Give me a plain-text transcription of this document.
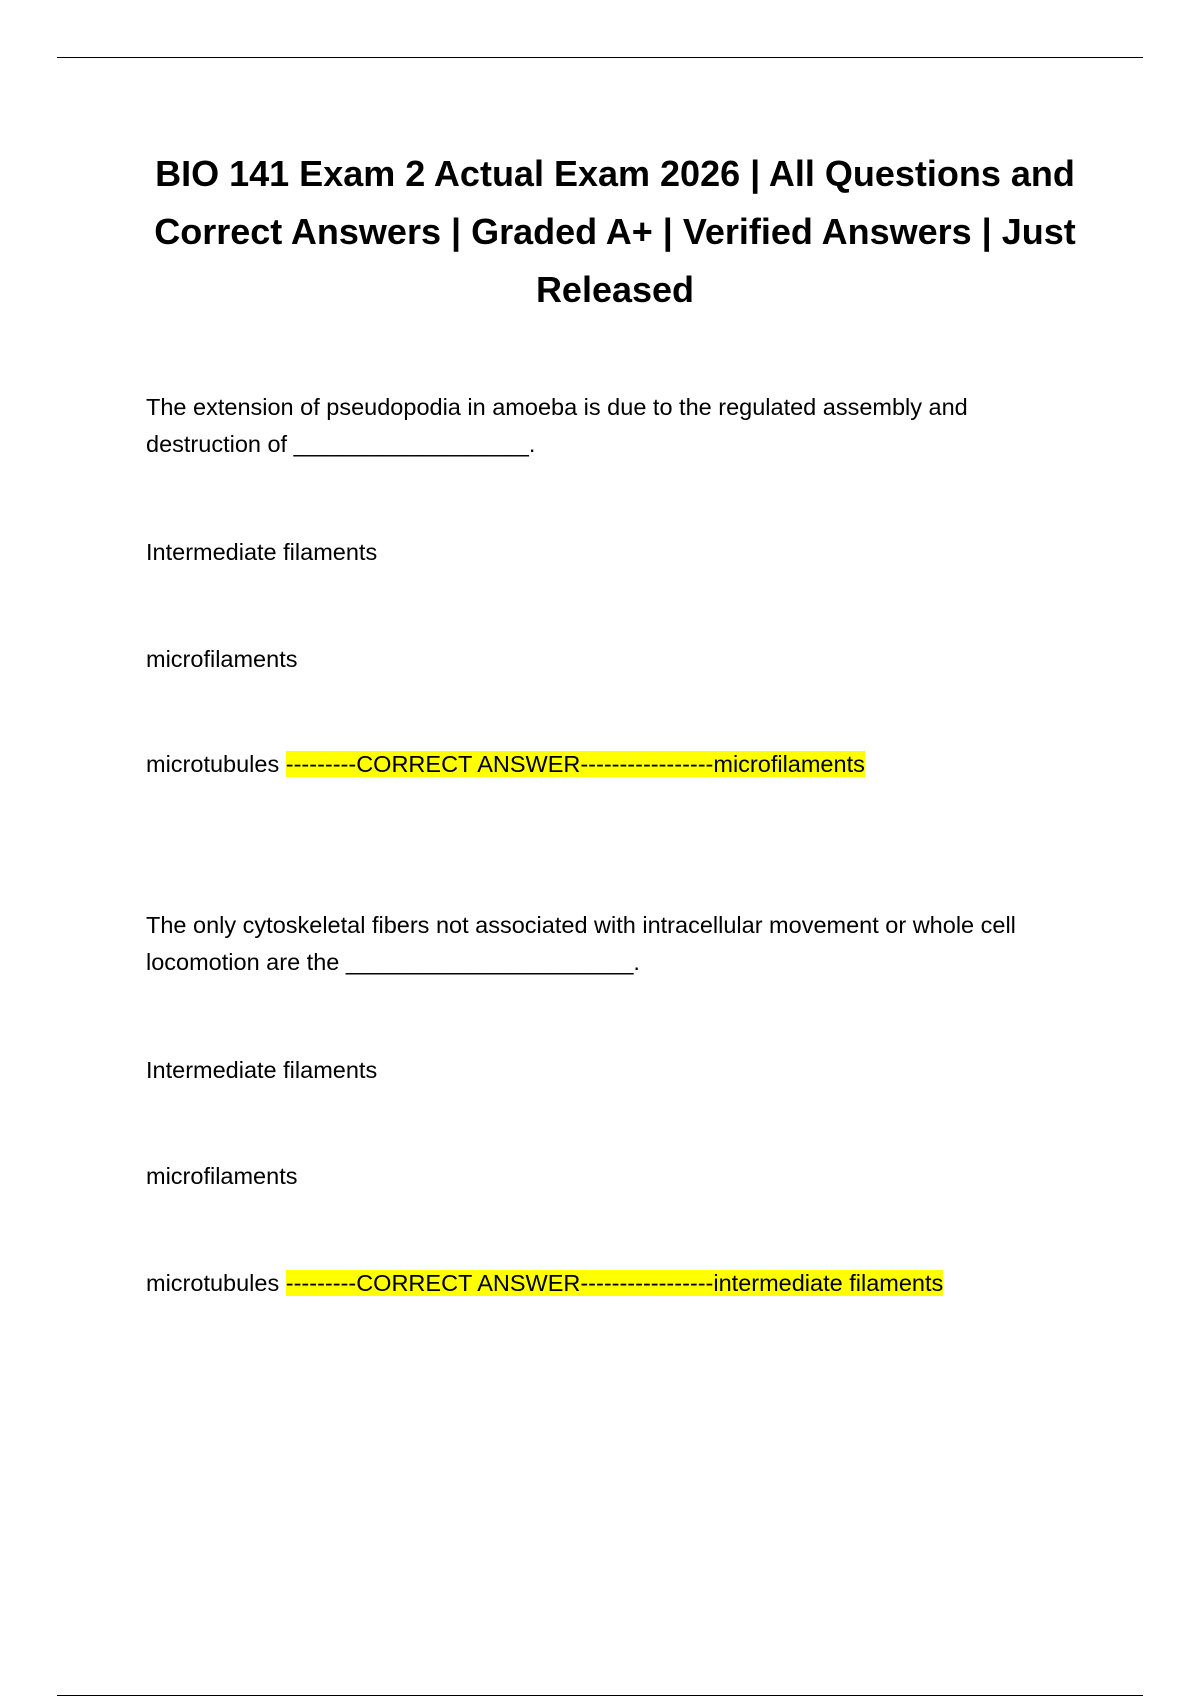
BIO 141 Exam 2 Actual Exam 2026 | All Questions and Correct Answers | Graded A+ | Verified Answers | Just Released

The extension of pseudopodia in amoeba is due to the regulated assembly and destruction of __________________.

Intermediate filaments

microfilaments

microtubules ---------CORRECT ANSWER-----------------microfilaments

The only cytoskeletal fibers not associated with intracellular movement or whole cell locomotion are the ______________________.

Intermediate filaments

microfilaments

microtubules ---------CORRECT ANSWER-----------------intermediate filaments
